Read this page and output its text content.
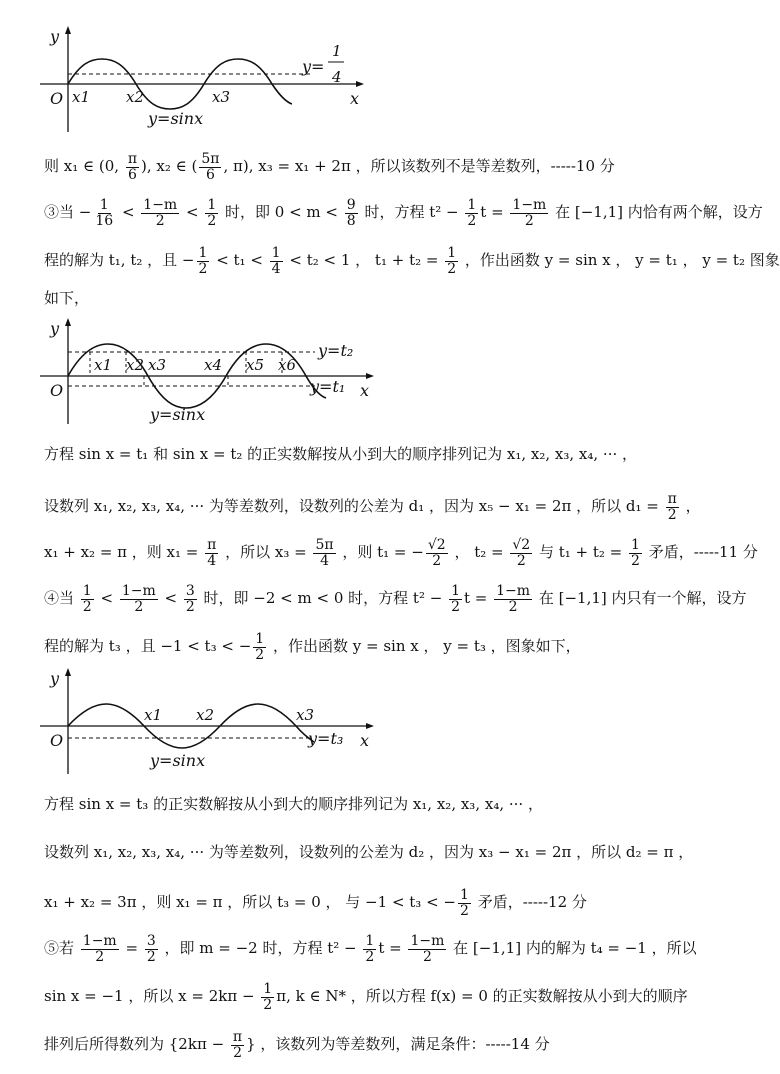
y
x
O x1 x2	x3
y=sinx
y=
1
4
则 x₁ ∈ (0, $\frac{\pi}{6}$ ), x₂ ∈ ( $\frac{5\pi}{6}$ , π), x₃ = x₁ + 2π ，所以该数列不是等差数列，-----10 分
③当 − $\frac{1}{16} < \frac{1-m}{2} < \frac{1}{2}$ 时，即 $0 < m < \frac{9}{8}$ 时，方程 $t^2 - \frac{1}{2}$ $t = \frac{1-m}{2}$ 在 [−1,1] 内恰有两个解，设方
程的解为 t₁, t₂ ，且 − $\frac{1}{2} < t_1 < \frac{1}{4} < t_2 < 1$ ， $t_1 + t_2 = \frac{1}{2}$ ，作出函数 y = sin x ， y = t₁ ， y = t₂ 图象
如下，
y
x
O
x1 x2 x3	x4 x5 x6
y=sinx
y=t₂
y=t₁
方程 sin x = t₁ 和 sin x = t₂ 的正实数解按从小到大的顺序排列记为 x₁, x₂, x₃, x₄, ··· ，
设数列 x₁, x₂, x₃, x₄, ··· 为等差数列，设数列的公差为 d₁ ，因为 x₅ − x₁ = 2π ，所以 $d_1 = \frac{\pi}{2}$ ，
x₁ + x₂ = π ，则 $x_1 = \frac{\pi}{4}$ ，所以 $x_3 = \frac{5\pi}{4}$ ，则 t₁ = − $\frac{√2}{2}$ ， $t_2 = \frac{√2}{2}$ 与 $t_1 + t_2 = \frac{1}{2}$ 矛盾，-----11 分
④当 $\frac{1}{2} < \frac{1-m}{2} < \frac{3}{2}$ 时，即 −2 < m < 0 时，方程 $t^2 - \frac{1}{2}$ $t = \frac{1-m}{2}$ 在 [−1,1] 内只有一个解，设方
程的解为 t₃ ，且 −1 < t₃ < − $\frac{1}{2}$ ，作出函数 y = sin x ， y = t₃ ，图象如下，
y
x
O
x1 x2	x3
y=sinx
y=t₃
方程 sin x = t₃ 的正实数解按从小到大的顺序排列记为 x₁, x₂, x₃, x₄, ··· ，
设数列 x₁, x₂, x₃, x₄, ··· 为等差数列，设数列的公差为 d₂ ，因为 x₃ − x₁ = 2π ，所以 d₂ = π ，
x₁ + x₂ = 3π ，则 x₁ = π ，所以 t₃ = 0 ， 与 −1 < t₃ < − $\frac{1}{2}$ 矛盾，-----12 分
⑤若 $\frac{1-m}{2} = \frac{3}{2}$ ，即 m = −2 时，方程 $t^2 - \frac{1}{2}$ $t = \frac{1-m}{2}$ 在 [−1,1] 内的解为 t₄ = −1 ，所以
sin x = −1 ，所以 $x = 2k\pi - \frac{1}{2} \pi$, k ∈ N* ，所以方程 f(x) = 0 的正实数解按从小到大的顺序
排列后所得数列为 {$2k\pi - \frac{\pi}{2}$ } ，该数列为等差数列，满足条件：-----14 分
